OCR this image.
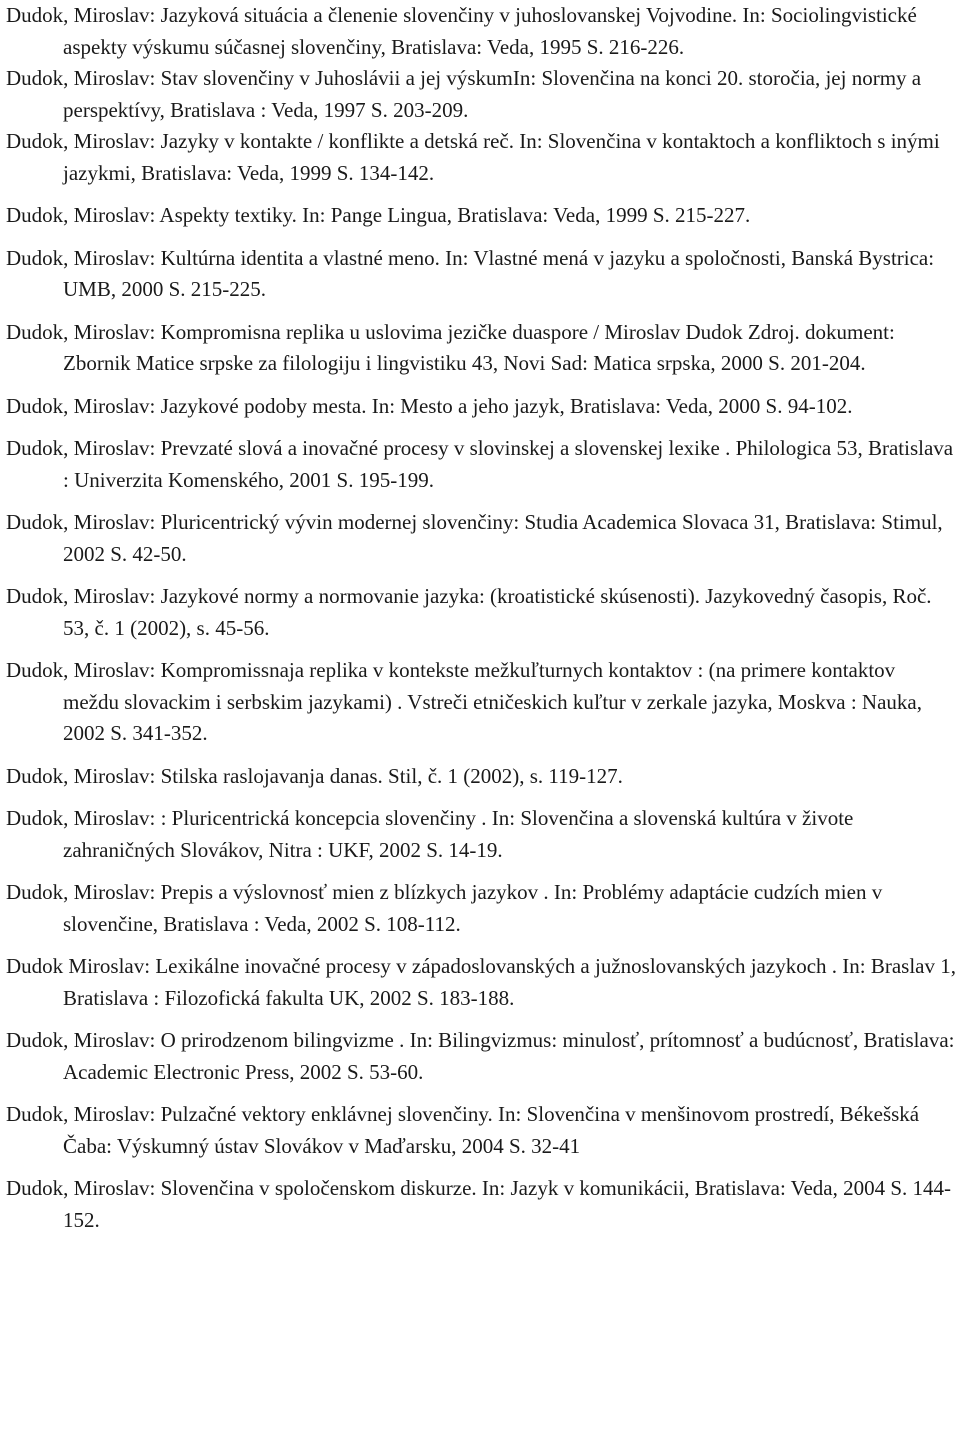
Dudok, Miroslav: Jazyková situácia a členenie slovenčiny v juhoslovanskej Vojvodine. In: Sociolingvistické aspekty výskumu súčasnej slovenčiny, Bratislava: Veda, 1995 S. 216-226.

Dudok, Miroslav: Stav slovenčiny v Juhoslávii a jej výskumIn: Slovenčina na konci 20. storočia, jej normy a perspektívy, Bratislava : Veda, 1997 S. 203-209.

Dudok, Miroslav: Jazyky v kontakte / konflikte a detská reč. In: Slovenčina v kontaktoch a konfliktoch s inými jazykmi, Bratislava: Veda, 1999 S. 134-142.

Dudok, Miroslav: Aspekty textiky. In: Pange Lingua, Bratislava: Veda, 1999 S. 215-227.

Dudok, Miroslav: Kultúrna identita a vlastné meno. In: Vlastné mená v jazyku a spoločnosti, Banská Bystrica: UMB, 2000 S. 215-225.

Dudok, Miroslav: Kompromisna replika u uslovima jezičke duaspore / Miroslav Dudok Zdroj. dokument: Zbornik Matice srpske za filologiju i lingvistiku 43, Novi Sad: Matica srpska, 2000 S. 201-204.

Dudok, Miroslav: Jazykové podoby mesta. In: Mesto a jeho jazyk, Bratislava: Veda, 2000 S. 94-102.

Dudok, Miroslav: Prevzaté slová a inovačné procesy v slovinskej a slovenskej lexike . Philologica 53, Bratislava : Univerzita Komenského, 2001 S. 195-199.

Dudok, Miroslav: Pluricentrický vývin modernej slovenčiny: Studia Academica Slovaca 31, Bratislava: Stimul, 2002 S. 42-50.

Dudok, Miroslav: Jazykové normy a normovanie jazyka: (kroatistické skúsenosti). Jazykovedný časopis, Roč. 53, č. 1 (2002), s. 45-56.

Dudok, Miroslav: Kompromissnaja replika v kontekste mežkuľturnych kontaktov : (na primere kontaktov meždu slovackim i serbskim jazykami) . Vstreči etničeskich kuľtur v zerkale jazyka, Moskva : Nauka, 2002 S. 341-352.

Dudok, Miroslav: Stilska raslojavanja danas. Stil, č. 1 (2002), s. 119-127.

Dudok, Miroslav: : Pluricentrická koncepcia slovenčiny . In: Slovenčina a slovenská kultúra v živote zahraničných Slovákov, Nitra : UKF, 2002 S. 14-19.

Dudok, Miroslav: Prepis a výslovnosť mien z blízkych jazykov . In: Problémy adaptácie cudzích mien v slovenčine, Bratislava : Veda, 2002 S. 108-112.

Dudok Miroslav: Lexikálne inovačné procesy v západoslovanských a južnoslovanských jazykoch . In: Braslav 1, Bratislava : Filozofická fakulta UK, 2002 S. 183-188.

Dudok, Miroslav: O prirodzenom bilingvizme . In: Bilingvizmus: minulosť, prítomnosť a budúcnosť, Bratislava: Academic Electronic Press, 2002 S. 53-60.

Dudok, Miroslav: Pulzačné vektory enklávnej slovenčiny. In: Slovenčina v menšinovom prostredí, Békešská Čaba: Výskumný ústav Slovákov v Maďarsku, 2004 S. 32-41

Dudok, Miroslav: Slovenčina v spoločenskom diskurze. In: Jazyk v komunikácii, Bratislava: Veda, 2004 S. 144-152.
